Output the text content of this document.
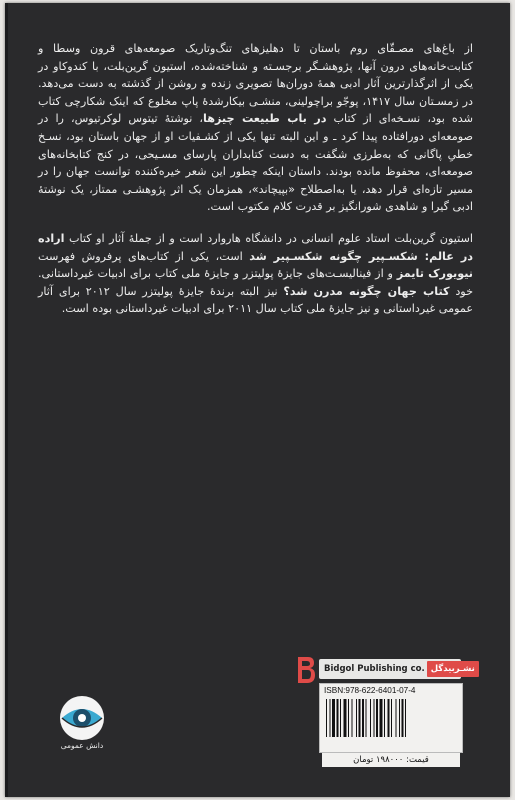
از باغ‌های مصـقّای روم باستان تا دهلیزهای تنگ‌وتاریک صومعه‌های قرون وسطا و کتابت‌خانه‌های درون آنها، پژوهشـگر برجسـته و شناخته‌شده، استیون گرین‌بلت، با کندوکاو در یکی از اثرگذارترین آثار ادبی همهٔ دوران‌ها تصویری زنده و روشن از گذشته به دست می‌دهد. در زمسـتان سال ۱۴۱۷، پوجّو براچولینی، منشـی بیکارشدهٔ پاپ مخلوع که اینک شکارچی کتاب شده بود، نسـخه‌ای از کتاب در باب طبیعت چیزها، نوشتهٔ تیتوس لوکرتیوس، را در صومعه‌ای دورافتاده پیدا کرد ـ و این البته تنها یکی از کشـفیات او از جهان باستان بود، نسـخ خطیِ پاگانی که به‌طرزی شگفت به دست کتابداران پارسای مسـیحی، در کنج کتابخانه‌های صومعه‌ای، محفوظ مانده بودند. داستان اینکه چطور این شعر خیره‌کننده توانست جهان را در مسیر تازه‌ای قرار دهد، یا به‌اصطلاح «بپیچاند»، همزمان یک اثر پژوهشـی ممتاز، یک نوشتهٔ ادبی گیرا و شاهدی شورانگیز بر قدرت کلام مکتوب است.

استیون گرین‌بلت استاد علوم انسانی در دانشگاه هاروارد است و از جملهٔ آثار او کتاب اراده در عالم: شکسـپیر چگونه شکسـپیر شد است، یکی از کتاب‌های پرفروش فهرست نیویورک تایمز و از فینالیسـت‌های جایزهٔ پولیتزر و جایزهٔ ملی کتاب برای ادبیات غیرداستانی. خود کتاب جهان چگونه مدرن شد؟ نیز البته برندهٔ جایزهٔ پولیتزر سال ۲۰۱۲ برای آثار عمومی غیرداستانی و نیز جایزهٔ ملی کتاب سال ۲۰۱۱ برای ادبیات غیرداستانی بوده است.

Bidgol Publishing co. نشـربیدگل
ISBN:978-622-6401-07-4
قیمت: ۱۹۸۰۰۰ تومان
دانش عمومی
